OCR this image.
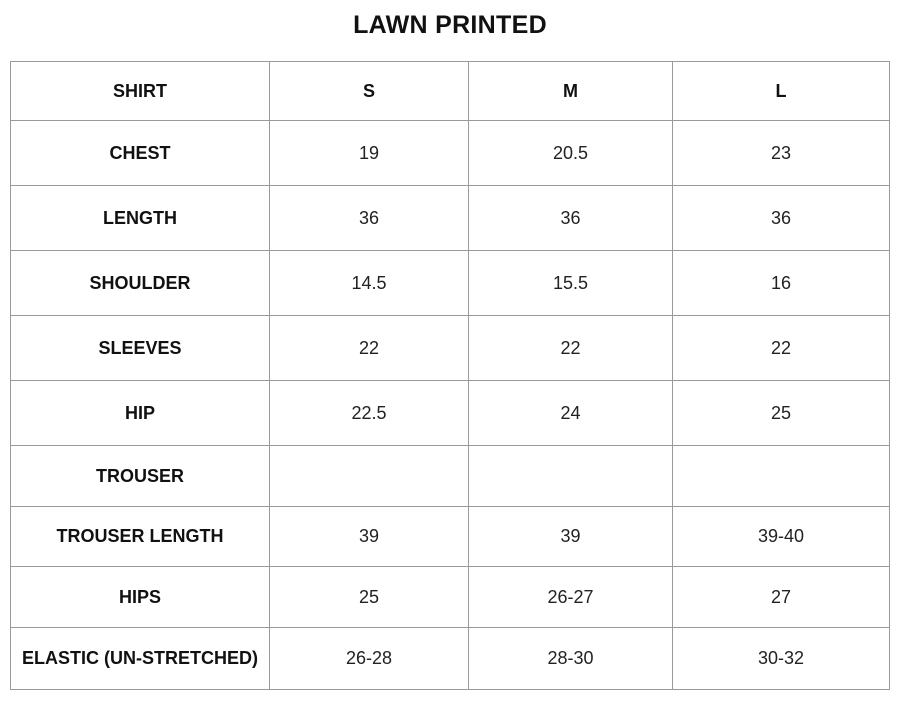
LAWN PRINTED
SHIRT	S	M	L
CHEST	19	20.5	23
LENGTH	36	36	36
SHOULDER	14.5	15.5	16
SLEEVES	22	22	22
HIP	22.5	24	25
TROUSER			
TROUSER LENGTH	39	39	39-40
HIPS	25	26-27	27
ELASTIC (UN-STRETCHED)	26-28	28-30	30-32
